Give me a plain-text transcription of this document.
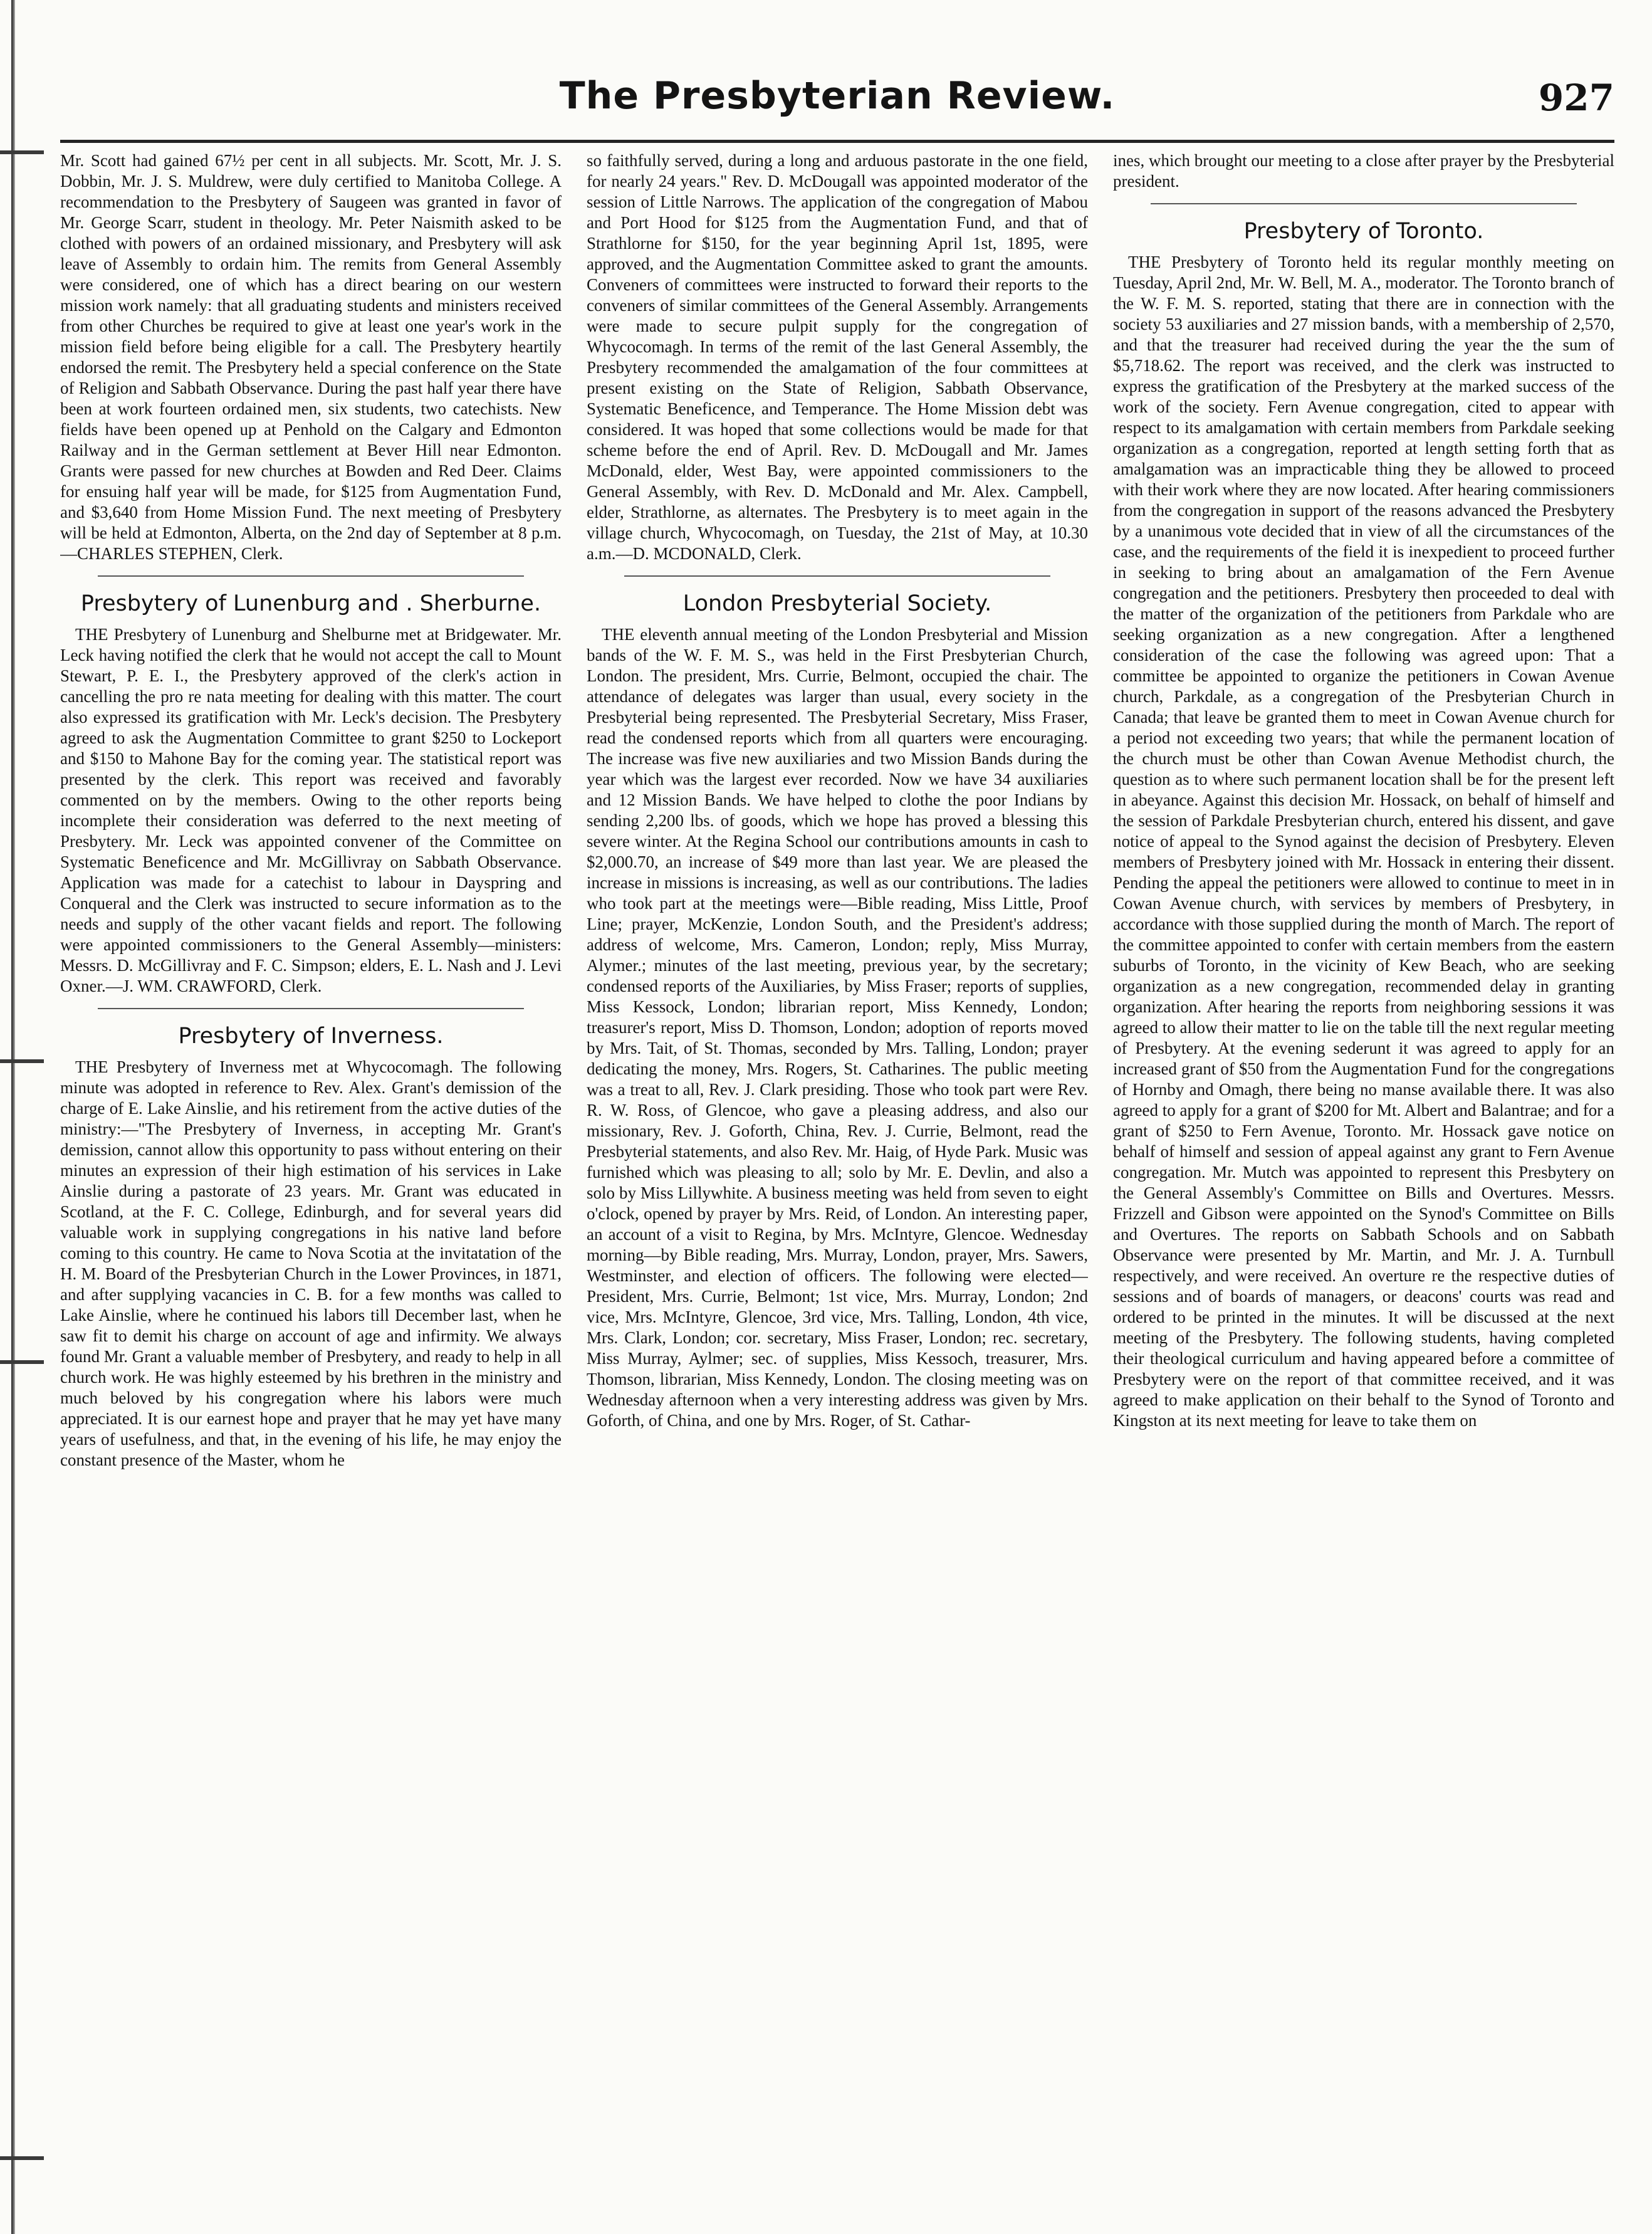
The Presbyterian Review.	927

Mr. Scott had gained 67½ per cent in all subjects. Mr. Scott, Mr. J. S. Dobbin, Mr. J. S. Muldrew, were duly certified to Manitoba College. A recommendation to the Presbytery of Saugeen was granted in favor of Mr. George Scarr, student in theology. Mr. Peter Naismith asked to be clothed with powers of an ordained missionary, and Presbytery will ask leave of Assembly to ordain him. The remits from General Assembly were considered, one of which has a direct bearing on our western mission work namely: that all graduating students and ministers received from other Churches be required to give at least one year's work in the mission field before being eligible for a call. The Presbytery heartily endorsed the remit. The Presbytery held a special conference on the State of Religion and Sabbath Observance. During the past half year there have been at work fourteen ordained men, six students, two catechists. New fields have been opened up at Penhold on the Calgary and Edmonton Railway and in the German settlement at Bever Hill near Edmonton. Grants were passed for new churches at Bowden and Red Deer. Claims for ensuing half year will be made, for $125 from Augmentation Fund, and $3,640 from Home Mission Fund. The next meeting of Presbytery will be held at Edmonton, Alberta, on the 2nd day of September at 8 p.m.—CHARLES STEPHEN, Clerk.

Presbytery of Lunenburg and . Sherburne.

THE Presbytery of Lunenburg and Shelburne met at Bridgewater. Mr. Leck having notified the clerk that he would not accept the call to Mount Stewart, P. E. I., the Presbytery approved of the clerk's action in cancelling the pro re nata meeting for dealing with this matter. The court also expressed its gratification with Mr. Leck's decision. The Presbytery agreed to ask the Augmentation Committee to grant $250 to Lockeport and $150 to Mahone Bay for the coming year. The statistical report was presented by the clerk. This report was received and favorably commented on by the members. Owing to the other reports being incomplete their consideration was deferred to the next meeting of Presbytery. Mr. Leck was appointed convener of the Committee on Systematic Beneficence and Mr. McGillivray on Sabbath Observance. Application was made for a catechist to labour in Dayspring and Conqueral and the Clerk was instructed to secure information as to the needs and supply of the other vacant fields and report. The following were appointed commissioners to the General Assembly—ministers: Messrs. D. McGillivray and F. C. Simpson; elders, E. L. Nash and J. Levi Oxner.—J. WM. CRAWFORD, Clerk.

Presbytery of Inverness.

THE Presbytery of Inverness met at Whycocomagh. The following minute was adopted in reference to Rev. Alex. Grant's demission of the charge of E. Lake Ainslie, and his retirement from the active duties of the ministry:—"The Presbytery of Inverness, in accepting Mr. Grant's demission, cannot allow this opportunity to pass without entering on their minutes an expression of their high estimation of his services in Lake Ainslie during a pastorate of 23 years. Mr. Grant was educated in Scotland, at the F. C. College, Edinburgh, and for several years did valuable work in supplying congregations in his native land before coming to this country. He came to Nova Scotia at the invitatation of the H. M. Board of the Presbyterian Church in the Lower Provinces, in 1871, and after supplying vacancies in C. B. for a few months was called to Lake Ainslie, where he continued his labors till December last, when he saw fit to demit his charge on account of age and infirmity. We always found Mr. Grant a valuable member of Presbytery, and ready to help in all church work. He was highly esteemed by his brethren in the ministry and much beloved by his congregation where his labors were much appreciated. It is our earnest hope and prayer that he may yet have many years of usefulness, and that, in the evening of his life, he may enjoy the constant presence of the Master, whom he

so faithfully served, during a long and arduous pastorate in the one field, for nearly 24 years." Rev. D. McDougall was appointed moderator of the session of Little Narrows. The application of the congregation of Mabou and Port Hood for $125 from the Augmentation Fund, and that of Strathlorne for $150, for the year beginning April 1st, 1895, were approved, and the Augmentation Committee asked to grant the amounts. Conveners of committees were instructed to forward their reports to the conveners of similar committees of the General Assembly. Arrangements were made to secure pulpit supply for the congregation of Whycocomagh. In terms of the remit of the last General Assembly, the Presbytery recommended the amalgamation of the four committees at present existing on the State of Religion, Sabbath Observance, Systematic Beneficence, and Temperance. The Home Mission debt was considered. It was hoped that some collections would be made for that scheme before the end of April. Rev. D. McDougall and Mr. James McDonald, elder, West Bay, were appointed commissioners to the General Assembly, with Rev. D. McDonald and Mr. Alex. Campbell, elder, Strathlorne, as alternates. The Presbytery is to meet again in the village church, Whycocomagh, on Tuesday, the 21st of May, at 10.30 a.m.—D. MCDONALD, Clerk.

London Presbyterial Society.

THE eleventh annual meeting of the London Presbyterial and Mission bands of the W. F. M. S., was held in the First Presbyterian Church, London. The president, Mrs. Currie, Belmont, occupied the chair. The attendance of delegates was larger than usual, every society in the Presbyterial being represented. The Presbyterial Secretary, Miss Fraser, read the condensed reports which from all quarters were encouraging. The increase was five new auxiliaries and two Mission Bands during the year which was the largest ever recorded. Now we have 34 auxiliaries and 12 Mission Bands. We have helped to clothe the poor Indians by sending 2,200 lbs. of goods, which we hope has proved a blessing this severe winter. At the Regina School our contributions amounts in cash to $2,000.70, an increase of $49 more than last year. We are pleased the increase in missions is increasing, as well as our contributions. The ladies who took part at the meetings were—Bible reading, Miss Little, Proof Line; prayer, McKenzie, London South, and the President's address; address of welcome, Mrs. Cameron, London; reply, Miss Murray, Alymer.; minutes of the last meeting, previous year, by the secretary; condensed reports of the Auxiliaries, by Miss Fraser; reports of supplies, Miss Kessock, London; librarian report, Miss Kennedy, London; treasurer's report, Miss D. Thomson, London; adoption of reports moved by Mrs. Tait, of St. Thomas, seconded by Mrs. Talling, London; prayer dedicating the money, Mrs. Rogers, St. Catharines. The public meeting was a treat to all, Rev. J. Clark presiding. Those who took part were Rev. R. W. Ross, of Glencoe, who gave a pleasing address, and also our missionary, Rev. J. Goforth, China, Rev. J. Currie, Belmont, read the Presbyterial statements, and also Rev. Mr. Haig, of Hyde Park. Music was furnished which was pleasing to all; solo by Mr. E. Devlin, and also a solo by Miss Lillywhite. A business meeting was held from seven to eight o'clock, opened by prayer by Mrs. Reid, of London. An interesting paper, an account of a visit to Regina, by Mrs. McIntyre, Glencoe. Wednesday morning—by Bible reading, Mrs. Murray, London, prayer, Mrs. Sawers, Westminster, and election of officers. The following were elected—President, Mrs. Currie, Belmont; 1st vice, Mrs. Murray, London; 2nd vice, Mrs. McIntyre, Glencoe, 3rd vice, Mrs. Talling, London, 4th vice, Mrs. Clark, London; cor. secretary, Miss Fraser, London; rec. secretary, Miss Murray, Aylmer; sec. of supplies, Miss Kessoch, treasurer, Mrs. Thomson, librarian, Miss Kennedy, London. The closing meeting was on Wednesday afternoon when a very interesting address was given by Mrs. Goforth, of China, and one by Mrs. Roger, of St. Cathar-

ines, which brought our meeting to a close after prayer by the Presbyterial president.

Presbytery of Toronto.

THE Presbytery of Toronto held its regular monthly meeting on Tuesday, April 2nd, Mr. W. Bell, M. A., moderator. The Toronto branch of the W. F. M. S. reported, stating that there are in connection with the society 53 auxiliaries and 27 mission bands, with a membership of 2,570, and that the treasurer had received during the year the the sum of $5,718.62. The report was received, and the clerk was instructed to express the gratification of the Presbytery at the marked success of the work of the society. Fern Avenue congregation, cited to appear with respect to its amalgamation with certain members from Parkdale seeking organization as a congregation, reported at length setting forth that as amalgamation was an impracticable thing they be allowed to proceed with their work where they are now located. After hearing commissioners from the congregation in support of the reasons advanced the Presbytery by a unanimous vote decided that in view of all the circumstances of the case, and the requirements of the field it is inexpedient to proceed further in seeking to bring about an amalgamation of the Fern Avenue congregation and the petitioners. Presbytery then proceeded to deal with the matter of the organization of the petitioners from Parkdale who are seeking organization as a new congregation. After a lengthened consideration of the case the following was agreed upon: That a committee be appointed to organize the petitioners in Cowan Avenue church, Parkdale, as a congregation of the Presbyterian Church in Canada; that leave be granted them to meet in Cowan Avenue church for a period not exceeding two years; that while the permanent location of the church must be other than Cowan Avenue Methodist church, the question as to where such permanent location shall be for the present left in abeyance. Against this decision Mr. Hossack, on behalf of himself and the session of Parkdale Presbyterian church, entered his dissent, and gave notice of appeal to the Synod against the decision of Presbytery. Eleven members of Presbytery joined with Mr. Hossack in entering their dissent. Pending the appeal the petitioners were allowed to continue to meet in in Cowan Avenue church, with services by members of Presbytery, in accordance with those supplied during the month of March. The report of the committee appointed to confer with certain members from the eastern suburbs of Toronto, in the vicinity of Kew Beach, who are seeking organization as a new congregation, recommended delay in granting organization. After hearing the reports from neighboring sessions it was agreed to allow their matter to lie on the table till the next regular meeting of Presbytery. At the evening sederunt it was agreed to apply for an increased grant of $50 from the Augmentation Fund for the congregations of Hornby and Omagh, there being no manse available there. It was also agreed to apply for a grant of $200 for Mt. Albert and Balantrae; and for a grant of $250 to Fern Avenue, Toronto. Mr. Hossack gave notice on behalf of himself and session of appeal against any grant to Fern Avenue congregation. Mr. Mutch was appointed to represent this Presbytery on the General Assembly's Committee on Bills and Overtures. Messrs. Frizzell and Gibson were appointed on the Synod's Committee on Bills and Overtures. The reports on Sabbath Schools and on Sabbath Observance were presented by Mr. Martin, and Mr. J. A. Turnbull respectively, and were received. An overture re the respective duties of sessions and of boards of managers, or deacons' courts was read and ordered to be printed in the minutes. It will be discussed at the next meeting of the Presbytery. The following students, having completed their theological curriculum and having appeared before a committee of Presbytery were on the report of that committee received, and it was agreed to make application on their behalf to the Synod of Toronto and Kingston at its next meeting for leave to take them on
